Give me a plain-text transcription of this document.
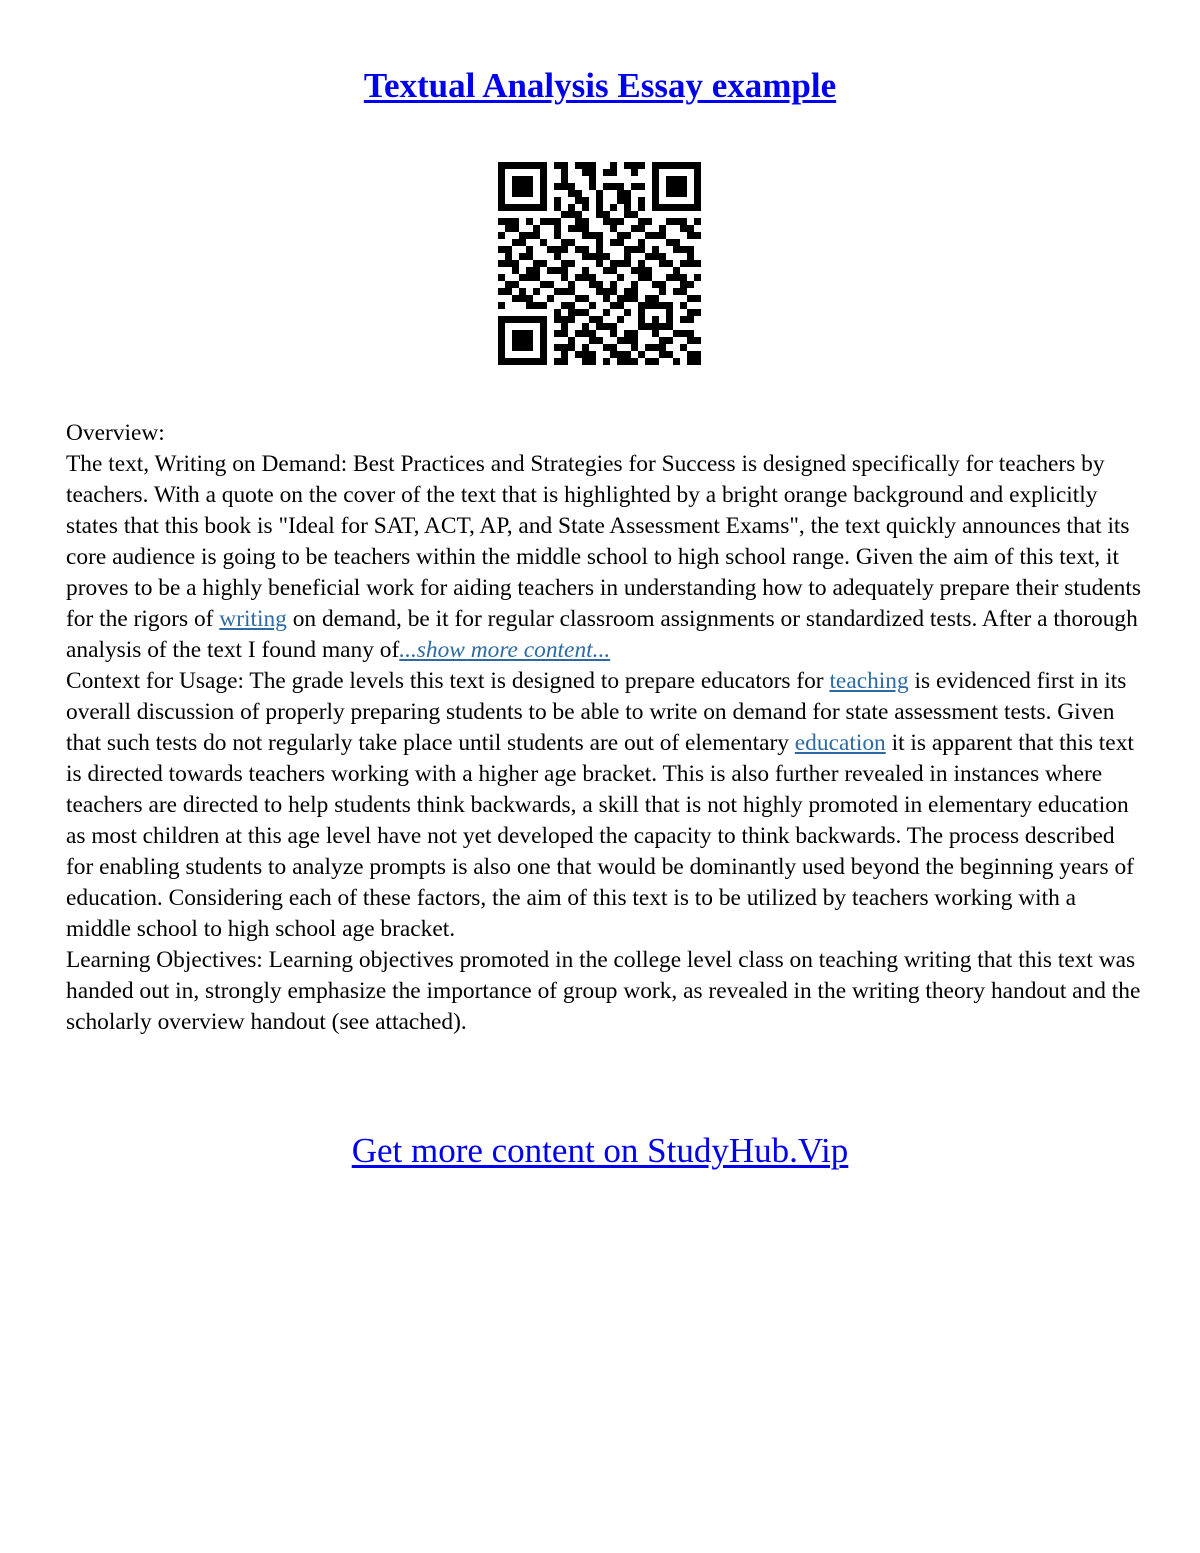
Textual Analysis Essay example

Overview:

The text, Writing on Demand: Best Practices and Strategies for Success is designed specifically for teachers by teachers. With a quote on the cover of the text that is highlighted by a bright orange background and explicitly states that this book is "Ideal for SAT, ACT, AP, and State Assessment Exams", the text quickly announces that its core audience is going to be teachers within the middle school to high school range. Given the aim of this text, it proves to be a highly beneficial work for aiding teachers in understanding how to adequately prepare their students for the rigors of writing on demand, be it for regular classroom assignments or standardized tests. After a thorough analysis of the text I found many of...show more content...

Context for Usage: The grade levels this text is designed to prepare educators for teaching is evidenced first in its overall discussion of properly preparing students to be able to write on demand for state assessment tests. Given that such tests do not regularly take place until students are out of elementary education it is apparent that this text is directed towards teachers working with a higher age bracket. This is also further revealed in instances where teachers are directed to help students think backwards, a skill that is not highly promoted in elementary education as most children at this age level have not yet developed the capacity to think backwards. The process described for enabling students to analyze prompts is also one that would be dominantly used beyond the beginning years of education. Considering each of these factors, the aim of this text is to be utilized by teachers working with a middle school to high school age bracket.

Learning Objectives: Learning objectives promoted in the college level class on teaching writing that this text was handed out in, strongly emphasize the importance of group work, as revealed in the writing theory handout and the scholarly overview handout (see attached).

Get more content on StudyHub.Vip
